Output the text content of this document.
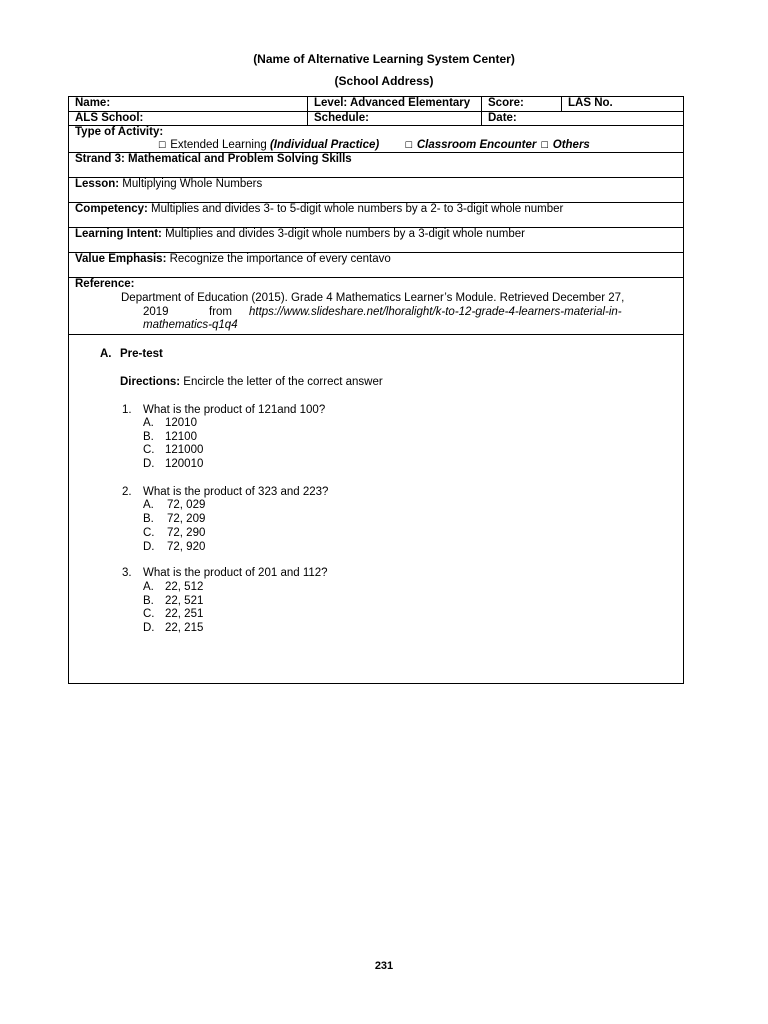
(Name of Alternative Learning System Center)
(School Address)
Name:	Level: Advanced Elementary	Score:	LAS No.
ALS School:	Schedule:	Date:
Type of Activity:
☐ Extended Learning (Individual Practice)	☐ Classroom Encounter ☐ Others
Strand 3: Mathematical and Problem Solving Skills
Lesson: Multiplying Whole Numbers
Competency: Multiplies and divides 3- to 5-digit whole numbers by a 2- to 3-digit whole number
Learning Intent: Multiplies and divides 3-digit whole numbers by a 3-digit whole number
Value Emphasis: Recognize the importance of every centavo
Reference:
Department of Education (2015). Grade 4 Mathematics Learner’s Module. Retrieved December 27,
2019	from https://www.slideshare.net/lhoralight/k-to-12-grade-4-learners-material-in-
mathematics-q1q4
A. Pre-test
Directions: Encircle the letter of the correct answer
1. What is the product of 121and 100?
A. 12010
B. 12100
C. 121000
D. 120010
2. What is the product of 323 and 223?
A. 72, 029
B. 72, 209
C. 72, 290
D. 72, 920
3. What is the product of 201 and 112?
A. 22, 512
B. 22, 521
C. 22, 251
D. 22, 215
231
